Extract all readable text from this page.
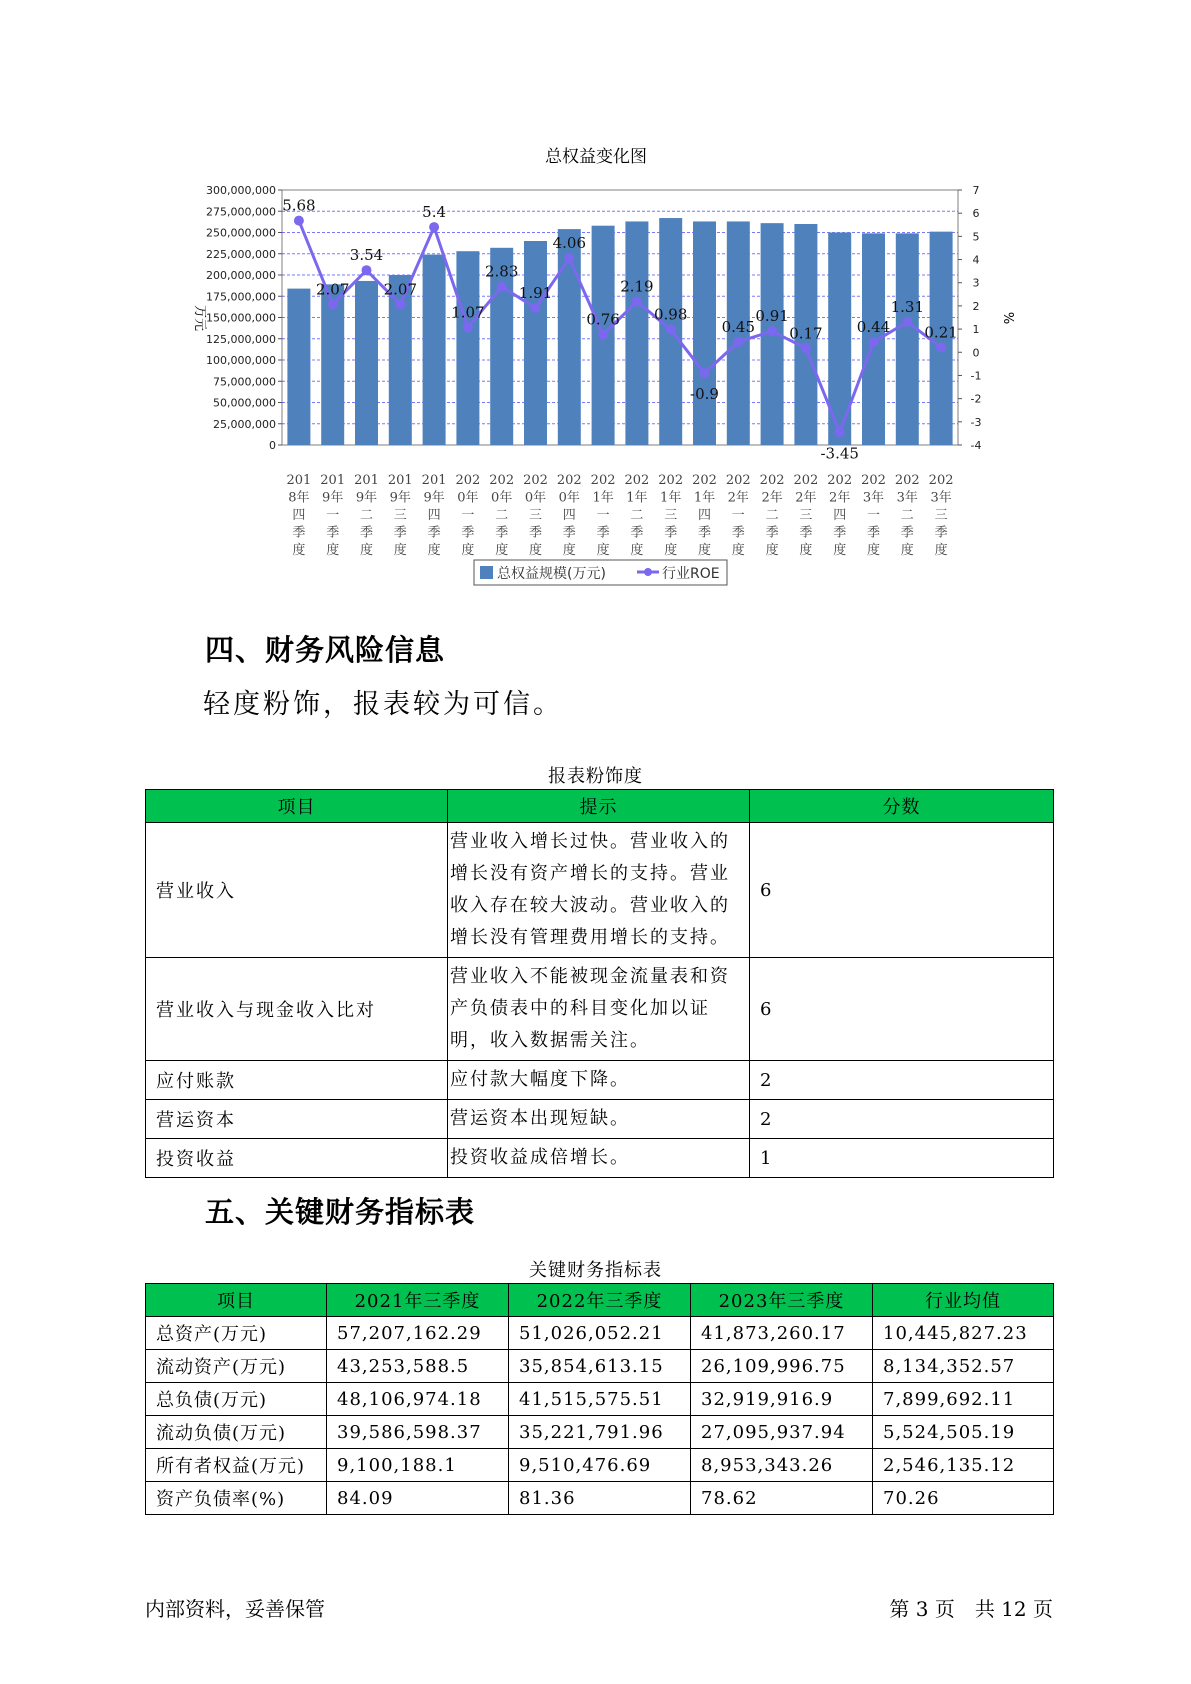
总权益变化图
0
25,000,000
50,000,000
75,000,000
100,000,000
125,000,000
150,000,000
175,000,000
200,000,000
225,000,000
250,000,000
275,000,000
300,000,000
-4
-3
-2
-1
0
1
2
3
4
5
6
7
5.68
2.07
3.54
2.07
5.4
1.07
2.83
1.91
4.06
0.76
2.19
0.98
-0.9
0.45
0.91
0.17
-3.45
0.44
1.31
0.21
201
8年
四
季
度
201
9年
一
季
度
201
9年
二
季
度
201
9年
三
季
度
201
9年
四
季
度
202
0年
一
季
度
202
0年
二
季
度
202
0年
三
季
度
202
0年
四
季
度
202
1年
一
季
度
202
1年
二
季
度
202
1年
三
季
度
202
1年
四
季
度
202
2年
一
季
度
202
2年
二
季
度
202
2年
三
季
度
202
2年
四
季
度
202
3年
一
季
度
202
3年
二
季
度
202
3年
三
季
度
万元	%
总权益规模(万元)	行业ROE
四、财务风险信息
轻度粉饰，报表较为可信。
报表粉饰度
项目	提示	分数
营业收入	营业收入增长过快。营业收入的增长没有资产增长的支持。营业收入存在较大波动。营业收入的增长没有管理费用增长的支持。	6
营业收入与现金收入比对	营业收入不能被现金流量表和资产负债表中的科目变化加以证明，收入数据需关注。	6
应付账款	应付款大幅度下降。	2
营运资本	营运资本出现短缺。	2
投资收益	投资收益成倍增长。	1
五、关键财务指标表
关键财务指标表
项目	2021年三季度	2022年三季度	2023年三季度	行业均值
总资产(万元)	57,207,162.29	51,026,052.21	41,873,260.17	10,445,827.23
流动资产(万元)	43,253,588.5	35,854,613.15	26,109,996.75	8,134,352.57
总负债(万元)	48,106,974.18	41,515,575.51	32,919,916.9	7,899,692.11
流动负债(万元)	39,586,598.37	35,221,791.96	27,095,937.94	5,524,505.19
所有者权益(万元)	9,100,188.1	9,510,476.69	8,953,343.26	2,546,135.12
资产负债率(%)	84.09	81.36	78.62	70.26
内部资料，妥善保管	第 3 页　共 12 页
